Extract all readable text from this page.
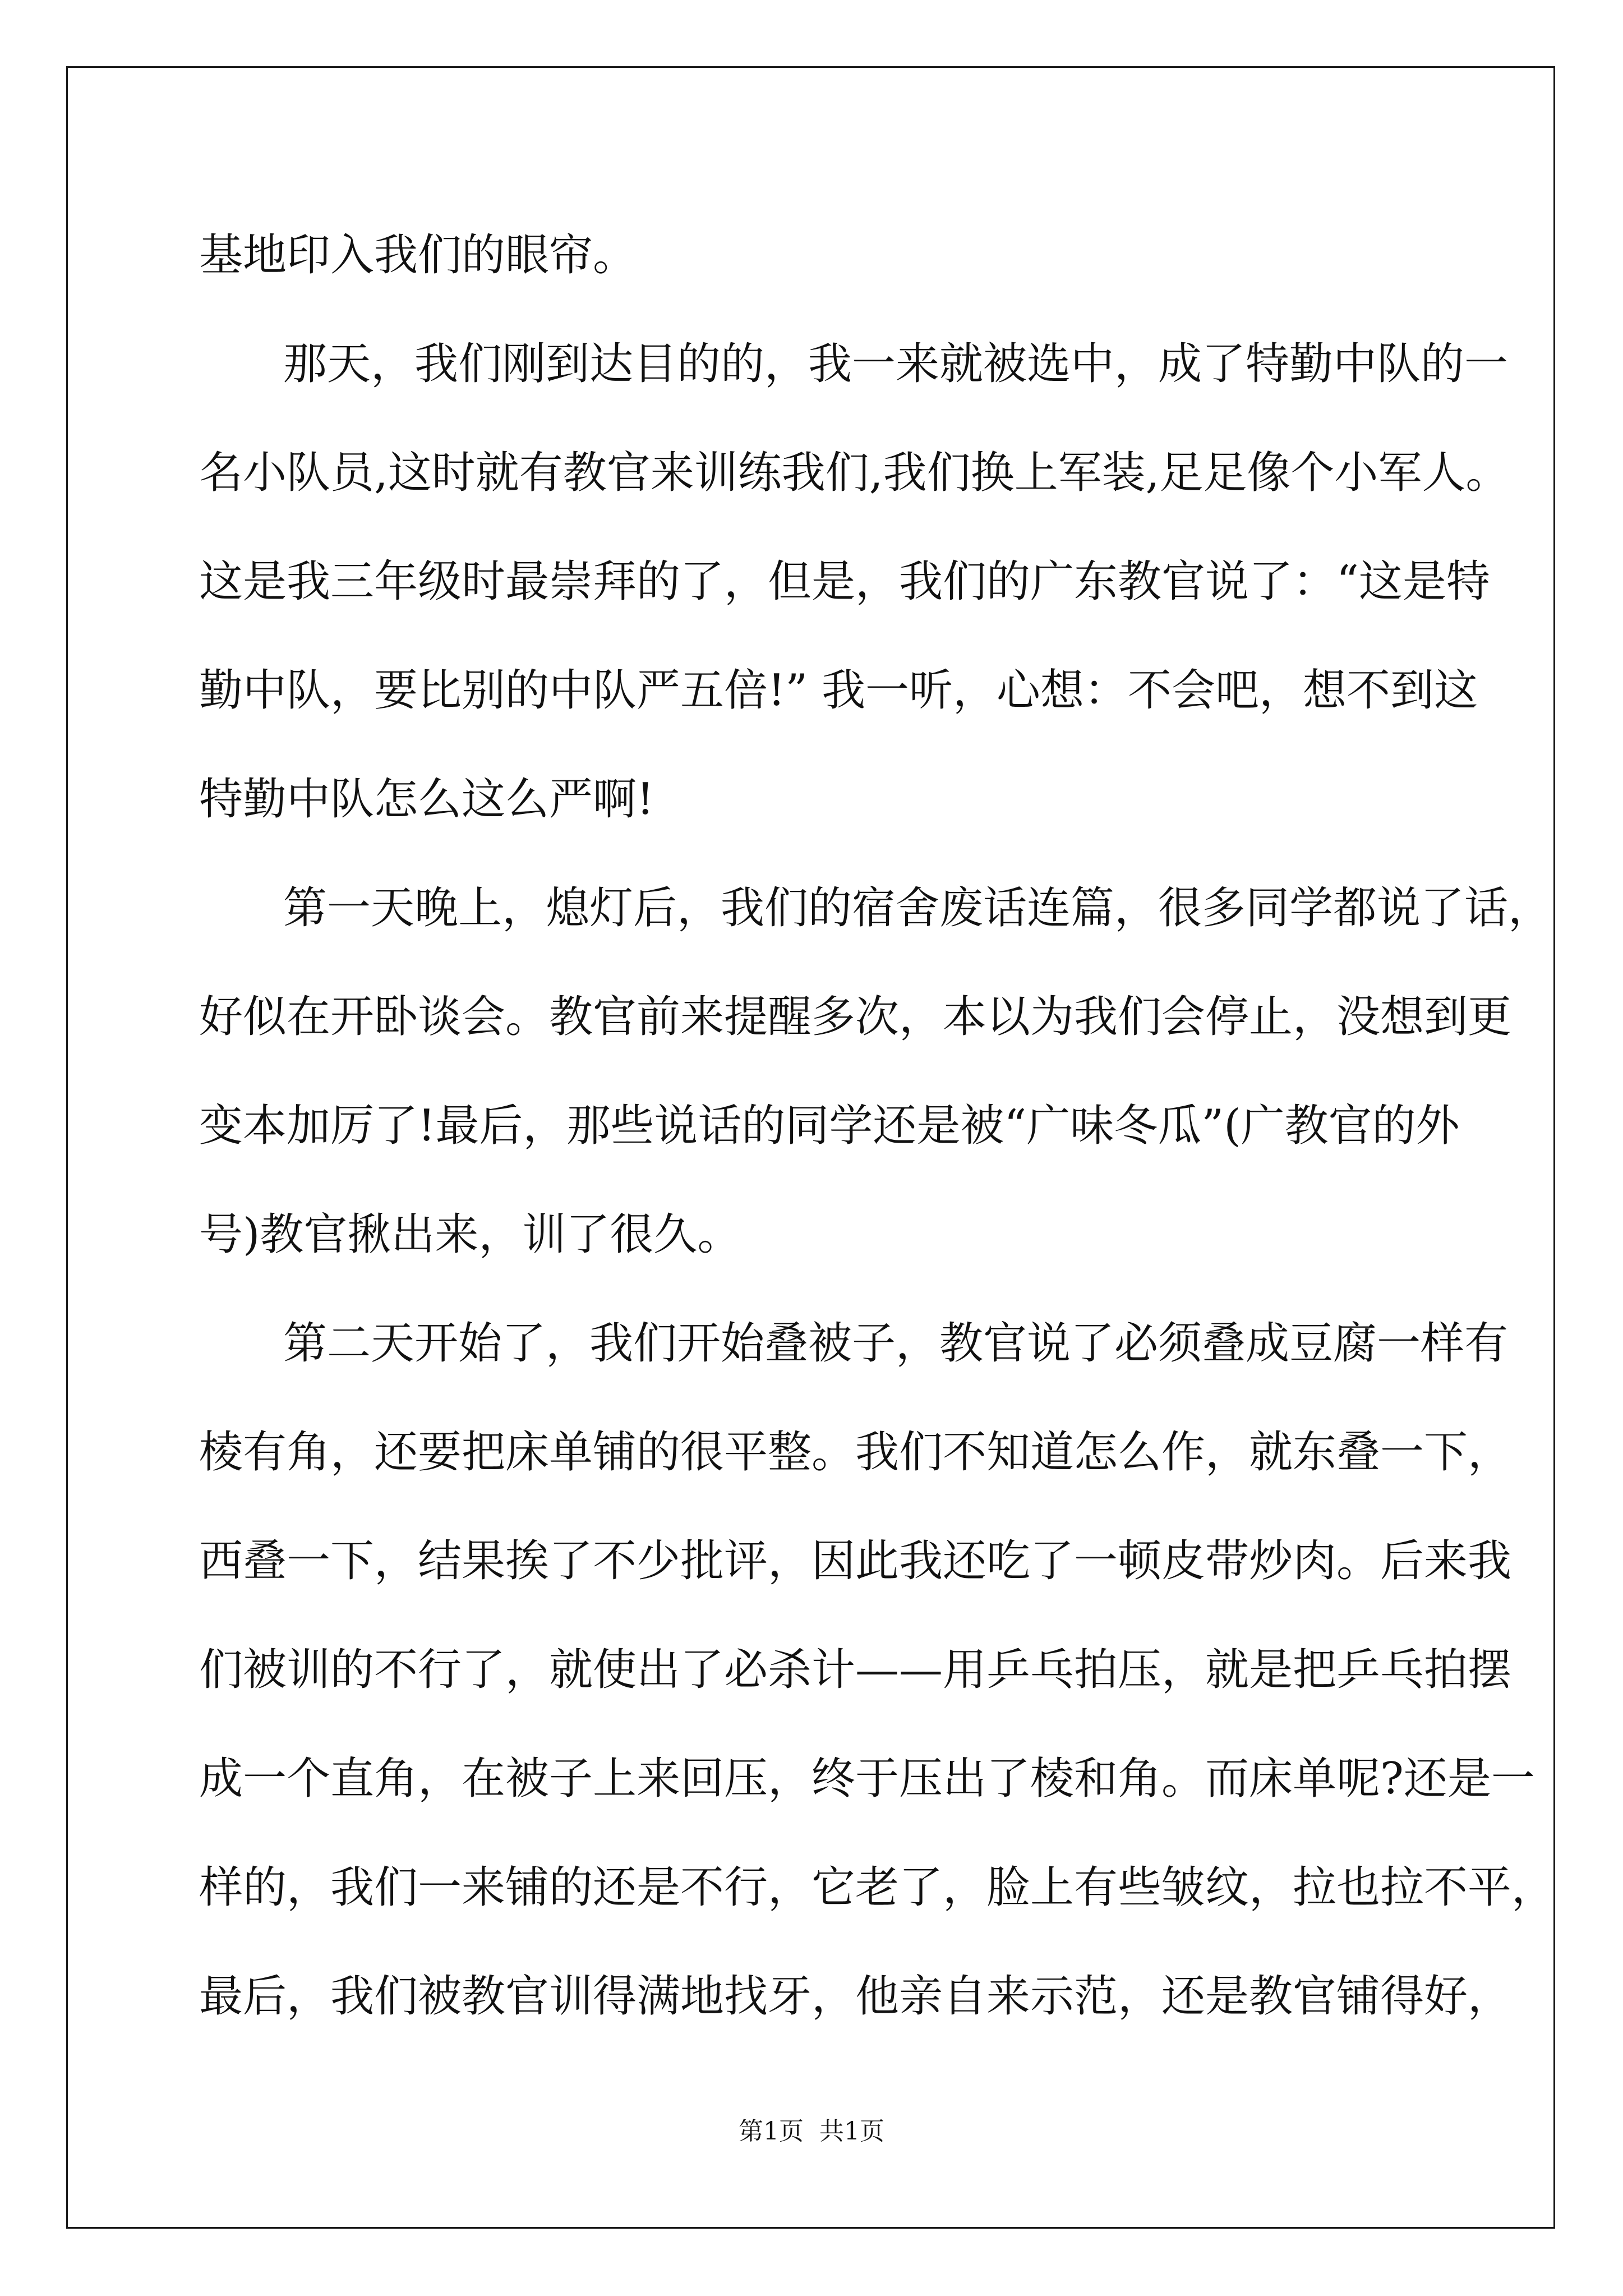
基地印入我们的眼帘。
那天，我们刚到达目的的，我一来就被选中，成了特勤中队的一
名小队员,这时就有教官来训练我们,我们换上军装,足足像个小军人。
这是我三年级时最崇拜的了，但是，我们的广东教官说了：“这是特
勤中队，要比别的中队严五倍!” 我一听，心想：不会吧，想不到这
特勤中队怎么这么严啊!
第一天晚上，熄灯后，我们的宿舍废话连篇，很多同学都说了话，
好似在开卧谈会。教官前来提醒多次，本以为我们会停止，没想到更
变本加厉了!最后，那些说话的同学还是被“广味冬瓜”(广教官的外
号)教官揪出来，训了很久。
第二天开始了，我们开始叠被子，教官说了必须叠成豆腐一样有
棱有角，还要把床单铺的很平整。我们不知道怎么作，就东叠一下，
西叠一下，结果挨了不少批评，因此我还吃了一顿皮带炒肉。后来我
们被训的不行了，就使出了必杀计——用乒乓拍压，就是把乒乓拍摆
成一个直角，在被子上来回压，终于压出了棱和角。而床单呢?还是一
样的，我们一来铺的还是不行，它老了，脸上有些皱纹，拉也拉不平，
最后，我们被教官训得满地找牙，他亲自来示范，还是教官铺得好，
第1页 共1页
